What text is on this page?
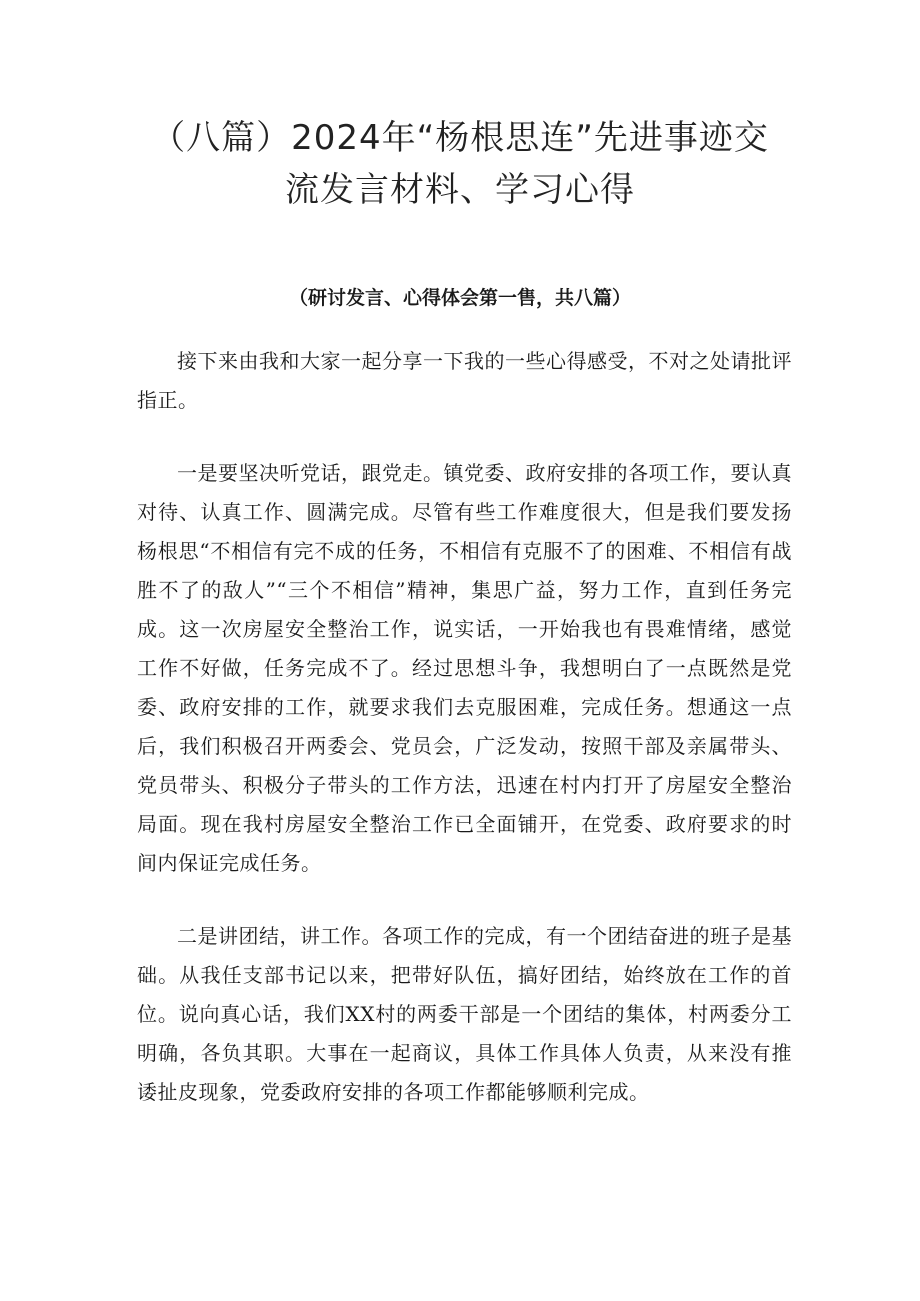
（八篇）2024年“杨根思连”先进事迹交
流发言材料、学习心得

（研讨发言、心得体会第一售，共八篇）

接下来由我和大家一起分享一下我的一些心得感受，不对之处请批评指正。

一是要坚决听党话，跟党走。镇党委、政府安排的各项工作，要认真对待、认真工作、圆满完成。尽管有些工作难度很大，但是我们要发扬杨根思“不相信有完不成的任务，不相信有克服不了的困难、不相信有战胜不了的敌人”“三个不相信”精神，集思广益，努力工作，直到任务完成。这一次房屋安全整治工作，说实话，一开始我也有畏难情绪，感觉工作不好做，任务完成不了。经过思想斗争，我想明白了一点既然是党委、政府安排的工作，就要求我们去克服困难，完成任务。想通这一点后，我们积极召开两委会、党员会，广泛发动，按照干部及亲属带头、党员带头、积极分子带头的工作方法，迅速在村内打开了房屋安全整治局面。现在我村房屋安全整治工作已全面铺开，在党委、政府要求的时间内保证完成任务。

二是讲团结，讲工作。各项工作的完成，有一个团结奋进的班子是基础。从我任支部书记以来，把带好队伍，搞好团结，始终放在工作的首位。说向真心话，我们XX村的两委干部是一个团结的集体，村两委分工明确，各负其职。大事在一起商议，具体工作具体人负责，从来没有推诿扯皮现象，党委政府安排的各项工作都能够顺利完成。
